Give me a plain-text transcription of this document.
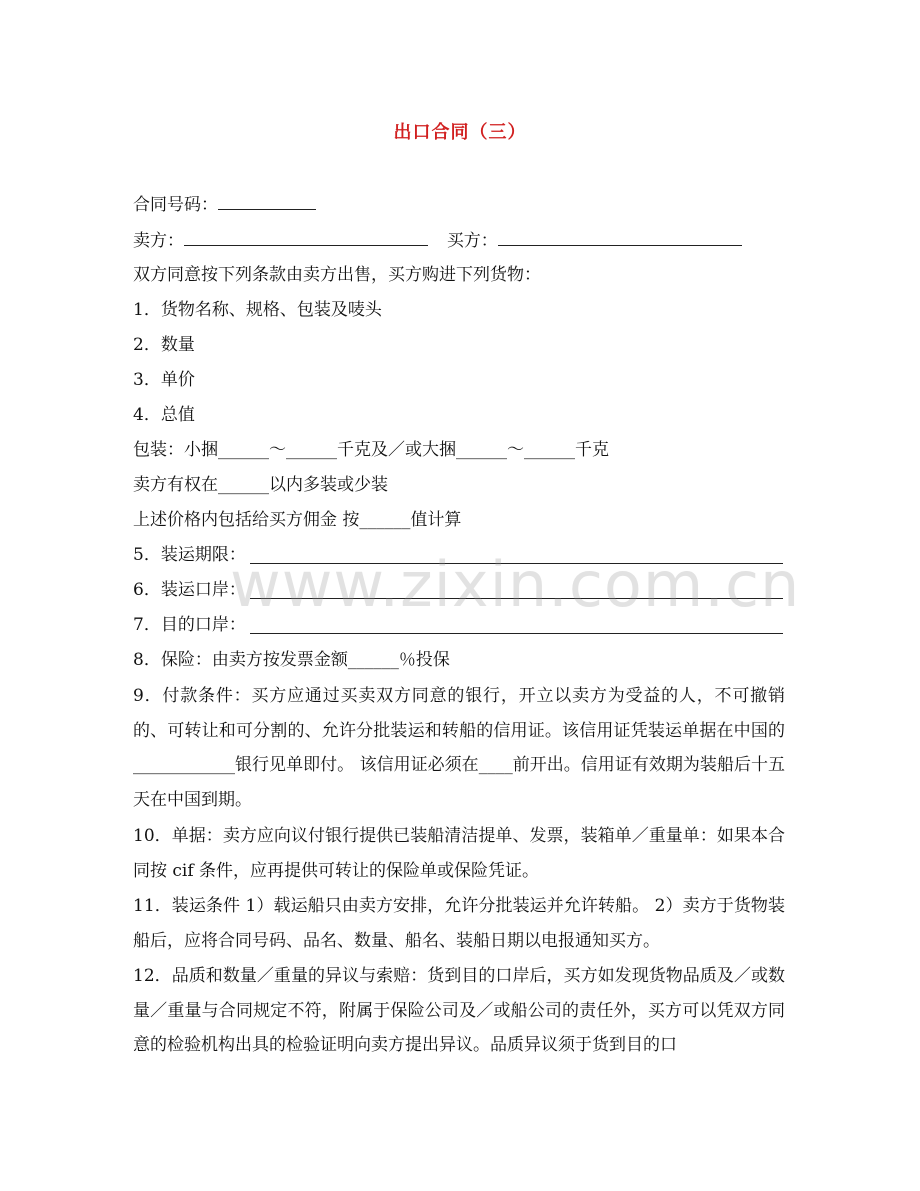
出口合同（三）
合同号码：
卖方：	买方：
双方同意按下列条款由卖方出售，买方购进下列货物：
1．货物名称、规格、包装及唛头
2．数量
3．单价
4．总值
包装：小捆______～______千克及／或大捆______～______千克
卖方有权在______以内多装或少装
上述价格内包括给买方佣金 按______值计算
5．装运期限：
6．装运口岸：
7．目的口岸：
8．保险：由卖方按发票金额______％投保
9．付款条件：买方应通过买卖双方同意的银行，开立以卖方为受益的人，不可撤销的、可转让和可分割的、允许分批装运和转船的信用证。该信用证凭装运单据在中国的____________银行见单即付。 该信用证必须在____前开出。信用证有效期为装船后十五天在中国到期。
10．单据：卖方应向议付银行提供已装船清洁提单、发票，装箱单／重量单：如果本合同按 cif 条件，应再提供可转让的保险单或保险凭证。
11．装运条件 1）载运船只由卖方安排，允许分批装运并允许转船。 2）卖方于货物装船后，应将合同号码、品名、数量、船名、装船日期以电报通知买方。
12．品质和数量／重量的异议与索赔：货到目的口岸后，买方如发现货物品质及／或数量／重量与合同规定不符，附属于保险公司及／或船公司的责任外，买方可以凭双方同意的检验机构出具的检验证明向卖方提出异议。品质异议须于货到目的口
www.zixin.com.cn
